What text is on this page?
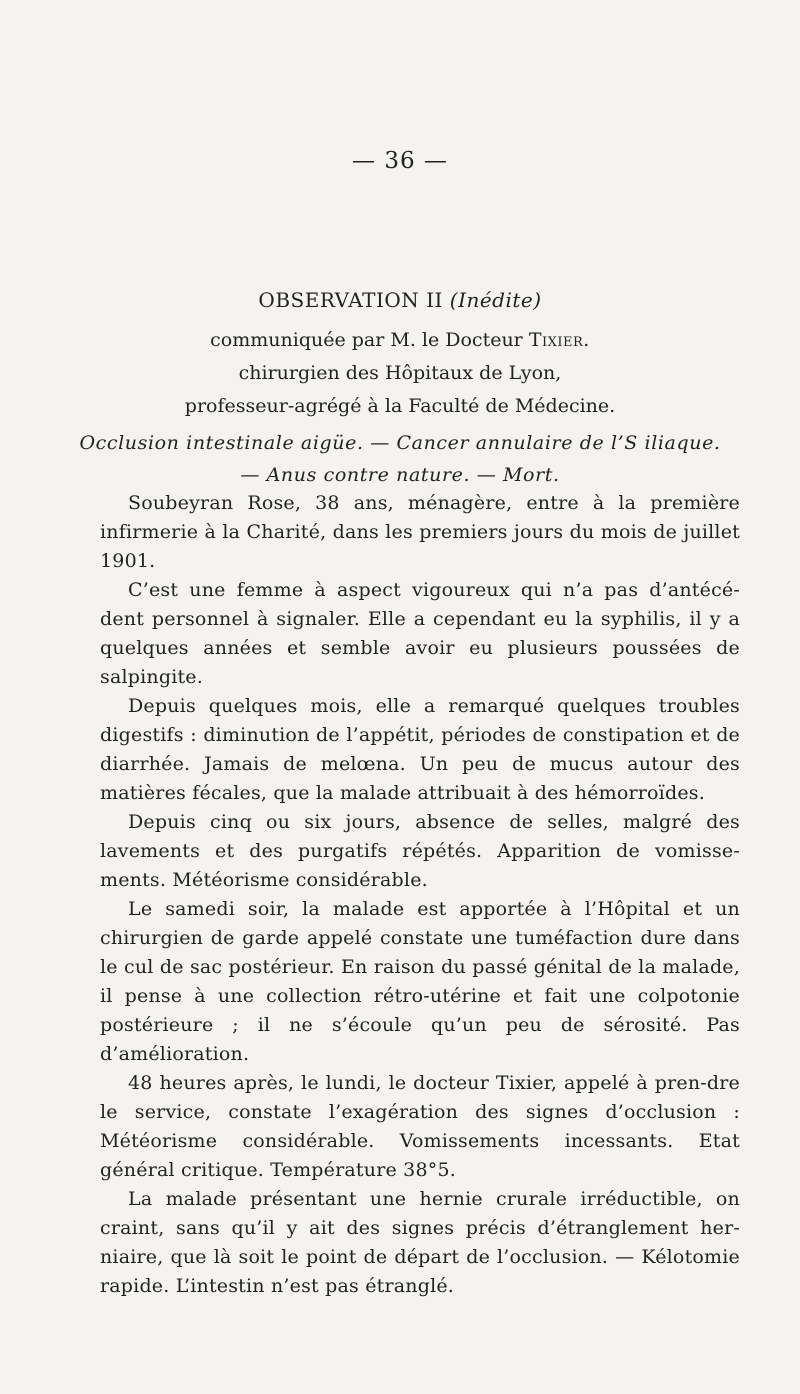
— 36 —
OBSERVATION II (Inédite)
communiquée par M. le Docteur Tixier.
chirurgien des Hôpitaux de Lyon,
professeur-agrégé à la Faculté de Médecine.
Occlusion intestinale aigüe. — Cancer annulaire de l’S iliaque.
— Anus contre nature. — Mort.

Soubeyran Rose, 38 ans, ménagère, entre à la première infirmerie à la Charité, dans les premiers jours du mois de juillet 1901.

C’est une femme à aspect vigoureux qui n’a pas d’antécé-dent personnel à signaler. Elle a cependant eu la syphilis, il y a quelques années et semble avoir eu plusieurs poussées de salpingite.

Depuis quelques mois, elle a remarqué quelques troubles digestifs : diminution de l’appétit, périodes de constipation et de diarrhée. Jamais de melœna. Un peu de mucus autour des matières fécales, que la malade attribuait à des hémorroïdes.

Depuis cinq ou six jours, absence de selles, malgré des lavements et des purgatifs répétés. Apparition de vomisse-ments. Météorisme considérable.

Le samedi soir, la malade est apportée à l’Hôpital et un chirurgien de garde appelé constate une tuméfaction dure dans le cul de sac postérieur. En raison du passé génital de la malade, il pense à une collection rétro-utérine et fait une colpotonie postérieure ; il ne s’écoule qu’un peu de sérosité. Pas d’amélioration.

48 heures après, le lundi, le docteur Tixier, appelé à pren-dre le service, constate l’exagération des signes d’occlusion : Météorisme considérable. Vomissements incessants. Etat général critique. Température 38°5.

La malade présentant une hernie crurale irréductible, on craint, sans qu’il y ait des signes précis d’étranglement her-niaire, que là soit le point de départ de l’occlusion. — Kélotomie rapide. L’intestin n’est pas étranglé.
